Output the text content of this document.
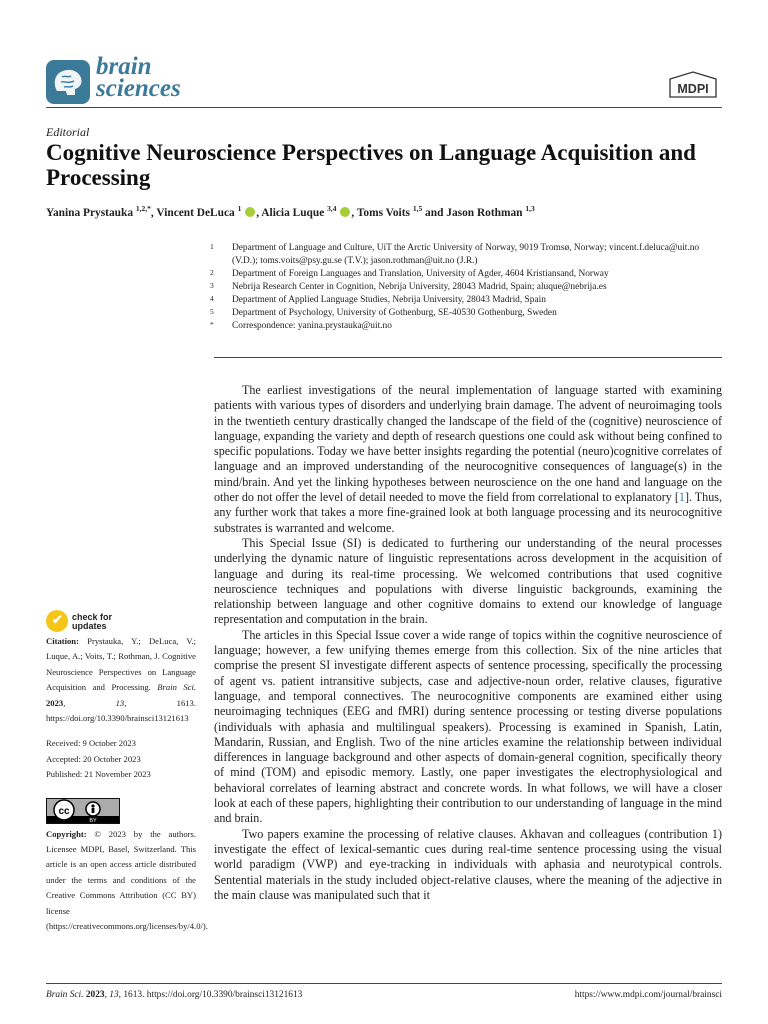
brain
sciences	MDPI
Editorial
Cognitive Neuroscience Perspectives on Language Acquisition and Processing
Yanina Prystauka $^{1,2,*}$, Vincent DeLuca $^1$ , Alicia Luque $^{3,4}$ , Toms Voits $^{1,5}$ and Jason Rothman $^{1,3}$
1 Department of Language and Culture, UiT the Arctic University of Norway, 9019 Tromsø, Norway; vincent.f.deluca@uit.no (V.D.); toms.voits@psy.gu.se (T.V.); jason.rothman@uit.no (J.R.)
2 Department of Foreign Languages and Translation, University of Agder, 4604 Kristiansand, Norway
3 Nebrija Research Center in Cognition, Nebrija University, 28043 Madrid, Spain; aluque@nebrija.es
4 Department of Applied Language Studies, Nebrija University, 28043 Madrid, Spain
5 Department of Psychology, University of Gothenburg, SE-40530 Gothenburg, Sweden
* Correspondence: yanina.prystauka@uit.no

The earliest investigations of the neural implementation of language started with examining patients with various types of disorders and underlying brain damage. The advent of neuroimaging tools in the twentieth century drastically changed the landscape of the field of the (cognitive) neuroscience of language, expanding the variety and depth of research questions one could ask without being confined to specific populations. Today we have better insights regarding the potential (neuro)cognitive correlates of language and an improved understanding of the neurocognitive consequences of language(s) in the mind/brain. And yet the linking hypotheses between neuroscience on the one hand and language on the other do not offer the level of detail needed to move the field from correlational to explanatory [1]. Thus, any further work that takes a more fine-grained look at both language processing and its neurocognitive substrates is warranted and welcome.

This Special Issue (SI) is dedicated to furthering our understanding of the neural processes underlying the dynamic nature of linguistic representations across development in the acquisition of language and during its real-time processing. We welcomed contributions that used cognitive neuroscience techniques and populations with diverse linguistic backgrounds, examining the relationship between language and other cognitive domains to extend our knowledge of language representation and computation in the brain.

The articles in this Special Issue cover a wide range of topics within the cognitive neuroscience of language; however, a few unifying themes emerge from this collection. Six of the nine articles that comprise the present SI investigate different aspects of sentence processing, specifically the processing of agent vs. patient intransitive subjects, case and adjective-noun order, relative clauses, figurative language, and temporal connectives. The neurocognitive components are examined either using neuroimaging techniques (EEG and fMRI) during sentence processing or testing diverse populations (individuals with aphasia and multilingual speakers). Processing is examined in Spanish, Latin, Mandarin, Russian, and English. Two of the nine articles examine the relationship between individual differences in language background and other aspects of domain-general cognition, specifically theory of mind (TOM) and episodic memory. Lastly, one paper investigates the electrophysiological and behavioral correlates of learning abstract and concrete words. In what follows, we will have a closer look at each of these papers, highlighting their contribution to our understanding of language in the mind and brain.

Two papers examine the processing of relative clauses. Akhavan and colleagues (contribution 1) investigate the effect of lexical-semantic cues during real-time sentence processing using the visual world paradigm (VWP) and eye-tracking in individuals with aphasia and neurotypical controls. Sentential materials in the study included object-relative clauses, where the meaning of the adjective in the main clause was manipulated such that it

✔ check for
updates
Citation: Prystauka, Y.; DeLuca, V.; Luque, A.; Voits, T.; Rothman, J. Cognitive Neuroscience Perspectives on Language Acquisition and Processing. Brain Sci. 2023, 13, 1613. https://doi.org/10.3390/brainsci13121613
Received: 9 October 2023
Accepted: 20 October 2023
Published: 21 November 2023
Copyright: © 2023 by the authors. Licensee MDPI, Basel, Switzerland. This article is an open access article distributed under the terms and conditions of the Creative Commons Attribution (CC BY) license (https://creativecommons.org/licenses/by/4.0/).
cc
BY
Brain Sci. 2023, 13, 1613. https://doi.org/10.3390/brainsci13121613	https://www.mdpi.com/journal/brainsci
